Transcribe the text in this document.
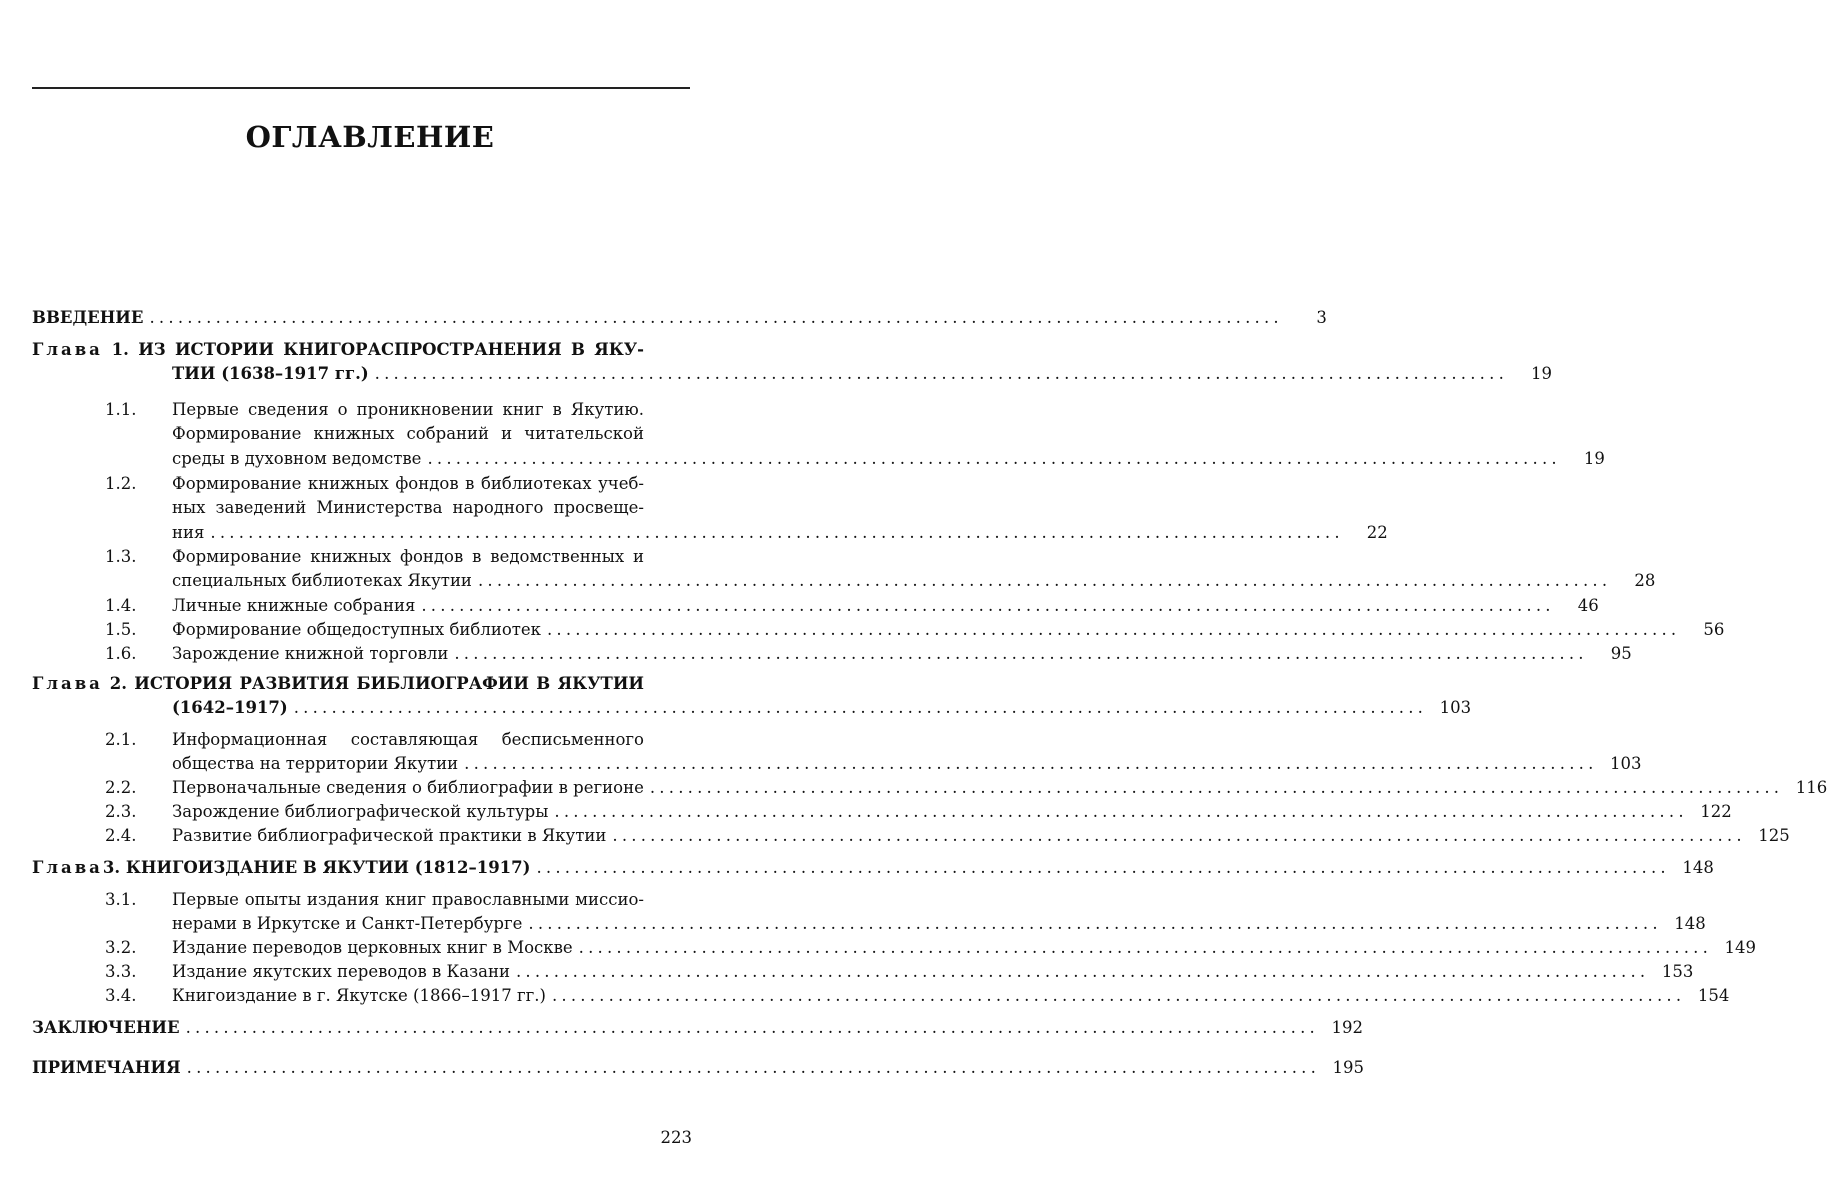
ОГЛАВЛЕНИЕ
ВВЕДЕНИЕ ........................................................................................................................	3
Глава 1. ИЗ ИСТОРИИ КНИГОРАСПРОСТРАНЕНИЯ В ЯКУ-
ТИИ (1638–1917 гг.) ........................................................................................................................	19
1.1. Первые сведения о проникновении книг в Якутию.
Формирование книжных собраний и читательской
среды в духовном ведомстве ........................................................................................................................	19
1.2. Формирование книжных фондов в библиотеках учеб-
ных заведений Министерства народного просвеще-
ния ........................................................................................................................	22
1.3. Формирование книжных фондов в ведомственных и
специальных библиотеках Якутии ........................................................................................................................	28
1.4. Личные книжные собрания ........................................................................................................................	46
1.5. Формирование общедоступных библиотек ........................................................................................................................	56
1.6. Зарождение книжной торговли ........................................................................................................................	95
Глава 2. ИСТОРИЯ РАЗВИТИЯ БИБЛИОГРАФИИ В ЯКУТИИ
(1642–1917) ........................................................................................................................ 103
2.1. Информационная составляющая бесписьменного
общества на территории Якутии ........................................................................................................................ 103
2.2. Первоначальные сведения о библиографии в регионе ........................................................................................................................ 116
2.3. Зарождение библиографической культуры ........................................................................................................................ 122
2.4. Развитие библиографической практики в Якутии ........................................................................................................................ 125
Глава 3. КНИГОИЗДАНИЕ В ЯКУТИИ (1812–1917) ........................................................................................................................ 148
3.1. Первые опыты издания книг православными миссио-
нерами в Иркутске и Санкт-Петербурге ........................................................................................................................ 148
3.2. Издание переводов церковных книг в Москве ........................................................................................................................ 149
3.3. Издание якутских переводов в Казани ........................................................................................................................ 153
3.4. Книгоиздание в г. Якутске (1866–1917 гг.) ........................................................................................................................ 154
ЗАКЛЮЧЕНИЕ ........................................................................................................................ 192
ПРИМЕЧАНИЯ ........................................................................................................................ 195
223
